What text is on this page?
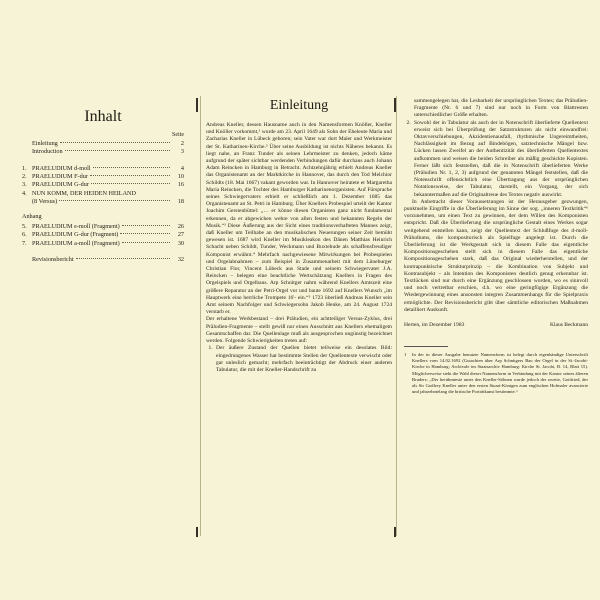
Inhalt
Seite
Einleitung	2
Introduction	3
1. PRAELUDIUM d-moll	4
2. PRAELUDIUM F-dur	10
3. PRAELUDIUM G-dur	16
4. NUN KOMM, DER HEIDEN HEILAND
(8 Versus)	18
Anhang
5. PRAELUDIUM e-moll (Fragment)	26
6. PRAELUDIUM G-dur (Fragment)	27
7. PRAELUDIUM a-moll (Fragment)	30
Revisionsbericht	32
Einleitung

Andreas Kneller, dessen Hausname auch in den Namensformen Knöller, Kneller und Knöller vorkommt,¹ wurde am 23. April 1649 als Sohn der Eheleute Maria und Zacharias Kneller in Lübeck geboren; sein Vater war dort Maler und Werkmeister der St. Katharinen-Kirche.² Über seine Ausbildung ist nichts Näheres bekannt. Es liegt nahe, an Franz Tunder als seinen Lehrmeister zu denken, jedoch käme aufgrund der später sichtbar werdenden Verbindungen dafür durchaus auch Johann Adam Reincken in Hamburg in Betracht. Achtzehnjährig erhielt Andreas Kneller das Organistenamt an der Marktkirche in Hannover, das durch den Tod Melchior Schildts (18. Mai 1667) vakant geworden war. In Hannover heiratete er Margaretha Maria Reincken, die Tochter des Hamburger Katharinenorganisten. Auf Fürsprache seines Schwiegervaters erhielt er schließlich am 1. Dezember 1685 das Organistenamt an St. Petri in Hamburg. Über Knellers Probespiel urteilt der Kantor Joachim Gerstenbüttel: „… er könne diesen Organisten ganz nicht fundamental erkennen, da er abgewichen wehre von allen festen und bekannten Regeln der Musik.“³ Diese Äußerung aus der Sicht eines traditionsverhafteten Mannes zeigt, daß Kneller um Teilhabe an den musikalischen Neuerungen seiner Zeit bemüht gewesen ist. 1687 wird Kneller im Musikleakon des Dänen Matthias Heinrich Schacht neben Schildt, Tunder, Weckmann und Buxtehude als schaffensfreudiger Komponist erwähnt.⁴ Mehrfach nachgewiesene Mitwirkungen bei Probespielen und Orgelabnahmen – zum Beispiel in Zusammenarbeit mit dem Lüneburger Christian Flor, Vincent Lübeck aus Stade und seinem Schwiegervater J.A. Reincken – belegen eine beachtliche Wertschätzung Knellers in Fragen des Orgelspiels und Orgelbaus. Arp Schnitger nahm während Knellers Amtszeit eine größere Reparatur an der Petri-Orgel vor und baute 1692 auf Knellers Wunsch „im Hauptwerk eine herrliche Trompete 16'- ein.“⁵ 1723 überließ Andreas Kneller sein Amt seinem Nachfolger und Schwiegersohn Jakob Henke, am 24. August 1724 verstarb er.

Der erhaltene Werkbestand – drei Präludien, ein achtteiliger Versus-Zyklus, drei Präludien-Fragmente – stellt gewiß nur einen Ausschnitt aus Knellers ehemaligem Gesamtschaffen dar. Die Quellenlage muß als ausgesprochen ungünstig bezeichnet werden. Folgende Schwierigkeiten treten auf:

1. Der äußere Zustand der Quellen bietet teilweise ein desolates Bild: eingedrungenes Wasser hat bestimmte Stellen der Quellentexte verwischt oder gar unleslich gemacht; mehrfach beeinträchtigt der Abdruck einer anderen Tabulatur, die mit der Kneller-Handschrift zu

sammengelegen hat, die Lesbarkeit der ursprünglichen Textes; das Präludien-Fragmente (Nr. 6 und 7) sind nur noch in Form von Blattresten unterschiedlicher Größe erhalten.

2. Sowohl der in Tabulatur als auch der in Notenschrift überlieferte Quellentext erweist sich bei Überprüfung der Satzstrukturen als nicht einwandfrei: Oktavverschiebungen, Akzidentienausfall, rhythmische Ungereimtheiten, Nachlässigkeit im Bezug auf Bindebögen, satztechnische Mängel bzw. Lücken lassen Zweifel an der Authentizität des überlieferten Quellentextes aufkommen und weisen die beiden Schreiber als mäßig geschickte Kopisten. Ferner läßt sich feststellen, daß die in Notenschrift überlieferten Werke (Präludien Nr. 1, 2, 3) aufgrund der genannten Mängel feststellen, daß die Notenschrift offensichtlich eine Übertragung aus der ursprünglichen Notationsweise, der Tabulatur, darstellt, ein Vorgang, der sich bekanntermaßen auf die Originaltreue des Textes negativ auswirkt.

In Anbetracht dieser Voraussetzungen ist der Herausgeber gezwungen, punktuelle Eingriffe in die Überlieferung im Sinne der sog. „inneren Textkritik“⁶ vorzunehmen, um einen Text zu gewinnen, der dem Willen des Komponisten entspricht. Daß die Überlieferung die ursprüngliche Gestalt eines Werkes sogar weitgehend entstellen kann, zeigt der Quellentext der Schlußfuge des d-moll-Präludiums, die kompositorisch als Spielfuge angelegt ist. Durch die Überlieferung ist die Werkgestalt sich in diesem Falle das eigentliche Kompositionsgeschehen stellt sich in diesem Falle das eigentliche Kompositionsgeschehen stark, daß das Original wiederherstellen, und der kontrapunktische Strukturprinzip – die Kombination von Subjekt und Kontrasubjekt – als Intention des Komponisten deutlich genug erkennbar ist. Textlücken sind nur durch eine Ergänzung geschlossen worden, wo es sinnvoll und noch vertretbar erschien, d.h. wo eine geringfügige Ergänzung die Wiedergewinnung eines ansonsten integren Zusammenhangs für die Spielpraxis ermöglichte. Der Revisionsbericht gibt über sämtliche editorischen Maßnahmen detailliert Auskunft.

Herten, im Dezember 1983	Klaus Beckmann
1	In der in dieser Ausgabe benutzte Namensform ist belegt durch eigenhändige Unterschrift Knellers vom 14.02.1692 (Gutachten über Arp Schnitgers Bau der Orgel in der St.-Jacobi-Kirche in Hamburg; Archivale im Staatsarchiv Hamburg: Kirche St. Jacobi, B. 14, Blatt 15). Möglicherweise steht die Wahl dieser Namensform in Verbindung mit der Kantor seines älteren Bruders: „Der berühmteste unter den Kneller-Söhnen wurde jedoch der zweite, Gottfried, der als Sir Godfrey Kneller unter den ersten Stuart-Königen zum englischen Hofmaler avancierte und jahrzehntelang die britische Porträtkunst bestimmte.“
